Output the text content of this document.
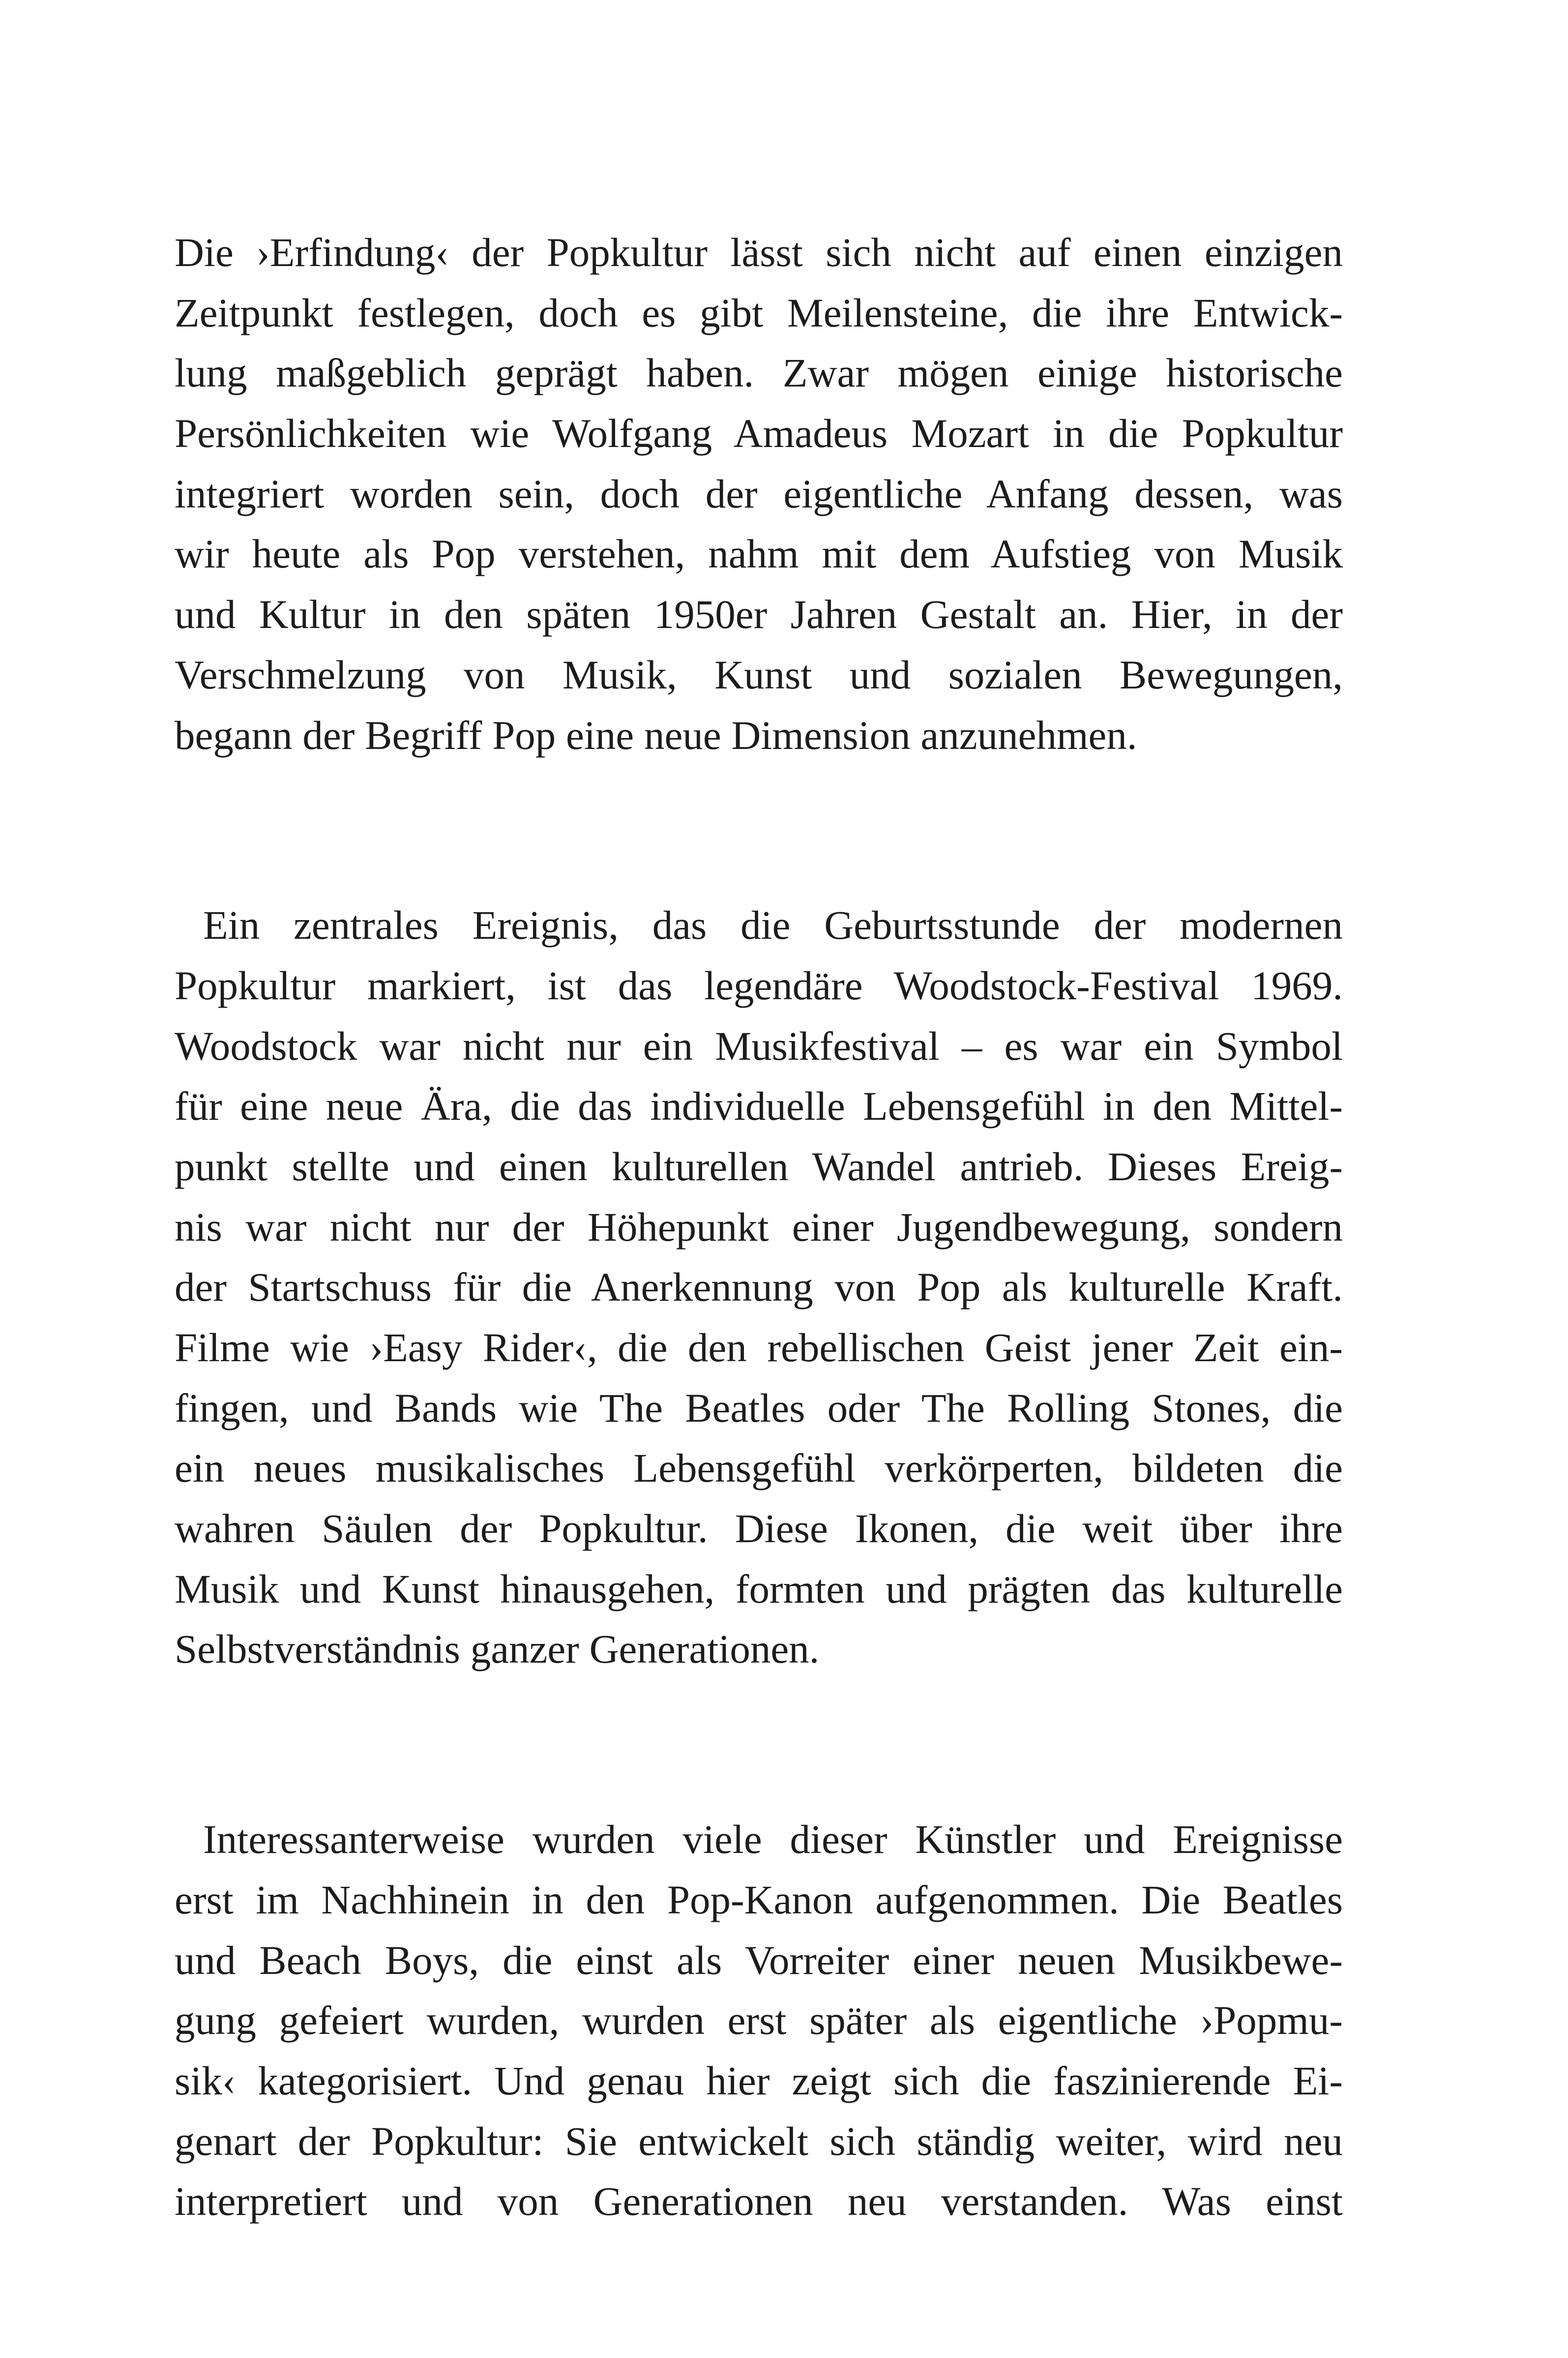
Die ›Erfindung‹ der Popkultur lässt sich nicht auf einen einzigen
Zeitpunkt festlegen, doch es gibt Meilensteine, die ihre Entwick-
lung maßgeblich geprägt haben. Zwar mögen einige historische
Persönlichkeiten wie Wolfgang Amadeus Mozart in die Popkultur
integriert worden sein, doch der eigentliche Anfang dessen, was
wir heute als Pop verstehen, nahm mit dem Aufstieg von Musik
und Kultur in den späten 1950er Jahren Gestalt an. Hier, in der
Verschmelzung von Musik, Kunst und sozialen Bewegungen,
begann der Begriff Pop eine neue Dimension anzunehmen.
Ein zentrales Ereignis, das die Geburtsstunde der modernen
Popkultur markiert, ist das legendäre Woodstock-Festival 1969.
Woodstock war nicht nur ein Musikfestival – es war ein Symbol
für eine neue Ära, die das individuelle Lebensgefühl in den Mittel-
punkt stellte und einen kulturellen Wandel antrieb. Dieses Ereig-
nis war nicht nur der Höhepunkt einer Jugendbewegung, sondern
der Startschuss für die Anerkennung von Pop als kulturelle Kraft.
Filme wie ›Easy Rider‹, die den rebellischen Geist jener Zeit ein-
fingen, und Bands wie The Beatles oder The Rolling Stones, die
ein neues musikalisches Lebensgefühl verkörperten, bildeten die
wahren Säulen der Popkultur. Diese Ikonen, die weit über ihre
Musik und Kunst hinausgehen, formten und prägten das kulturelle
Selbstverständnis ganzer Generationen.
Interessanterweise wurden viele dieser Künstler und Ereignisse
erst im Nachhinein in den Pop-Kanon aufgenommen. Die Beatles
und Beach Boys, die einst als Vorreiter einer neuen Musikbewe-
gung gefeiert wurden, wurden erst später als eigentliche ›Popmu-
sik‹ kategorisiert. Und genau hier zeigt sich die faszinierende Ei-
genart der Popkultur: Sie entwickelt sich ständig weiter, wird neu
interpretiert und von Generationen neu verstanden. Was einst
